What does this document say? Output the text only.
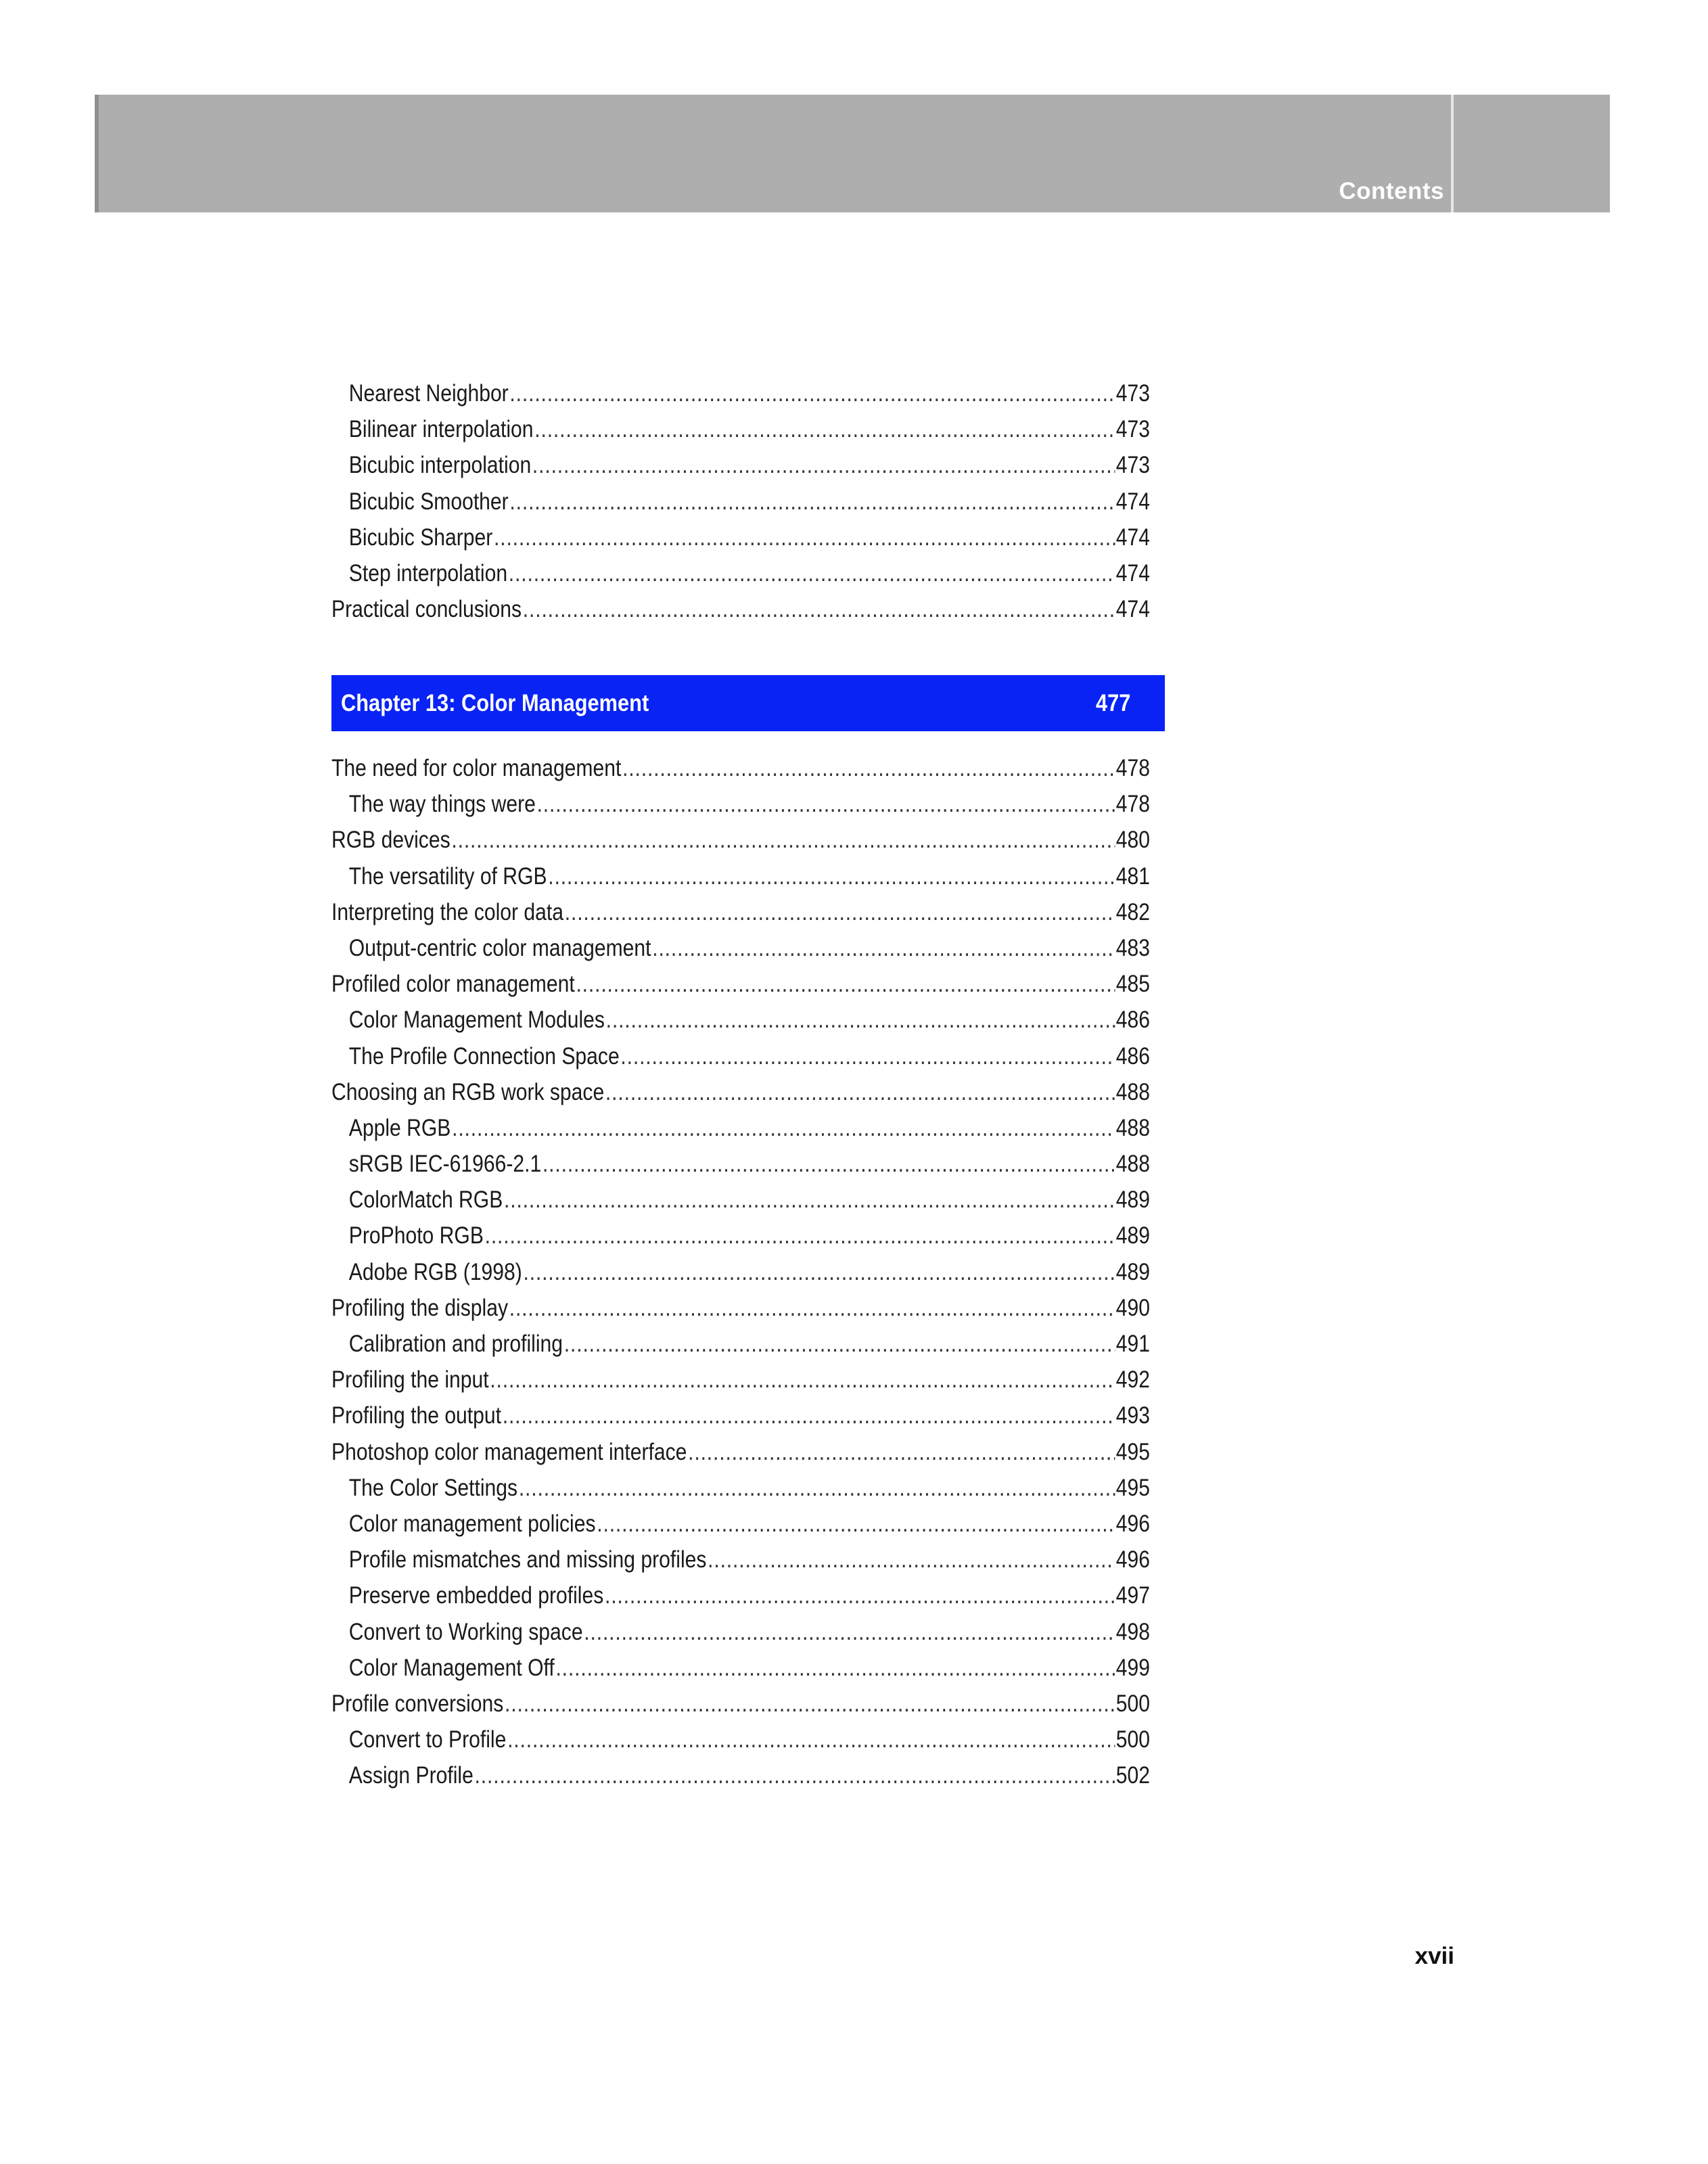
Contents
Nearest Neighbor .....	473
Bilinear interpolation .....	473
Bicubic interpolation .....	473
Bicubic Smoother .....	474
Bicubic Sharper .....	474
Step interpolation .....	474
Practical conclusions .....	474
Chapter 13: Color Management	477
The need for color management .....	478
The way things were .....	478
RGB devices .....	480
The versatility of RGB .....	481
Interpreting the color data .....	482
Output-centric color management .....	483
Profiled color management .....	485
Color Management Modules .....	486
The Profile Connection Space .....	486
Choosing an RGB work space .....	488
Apple RGB .....	488
sRGB IEC-61966-2.1 .....	488
ColorMatch RGB .....	489
ProPhoto RGB .....	489
Adobe RGB (1998) .....	489
Profiling the display .....	490
Calibration and profiling .....	491
Profiling the input .....	492
Profiling the output .....	493
Photoshop color management interface .....	495
The Color Settings .....	495
Color management policies .....	496
Profile mismatches and missing profiles .....	496
Preserve embedded profiles .....	497
Convert to Working space .....	498
Color Management Off .....	499
Profile conversions .....	500
Convert to Profile .....	500
Assign Profile .....	502
xvii
